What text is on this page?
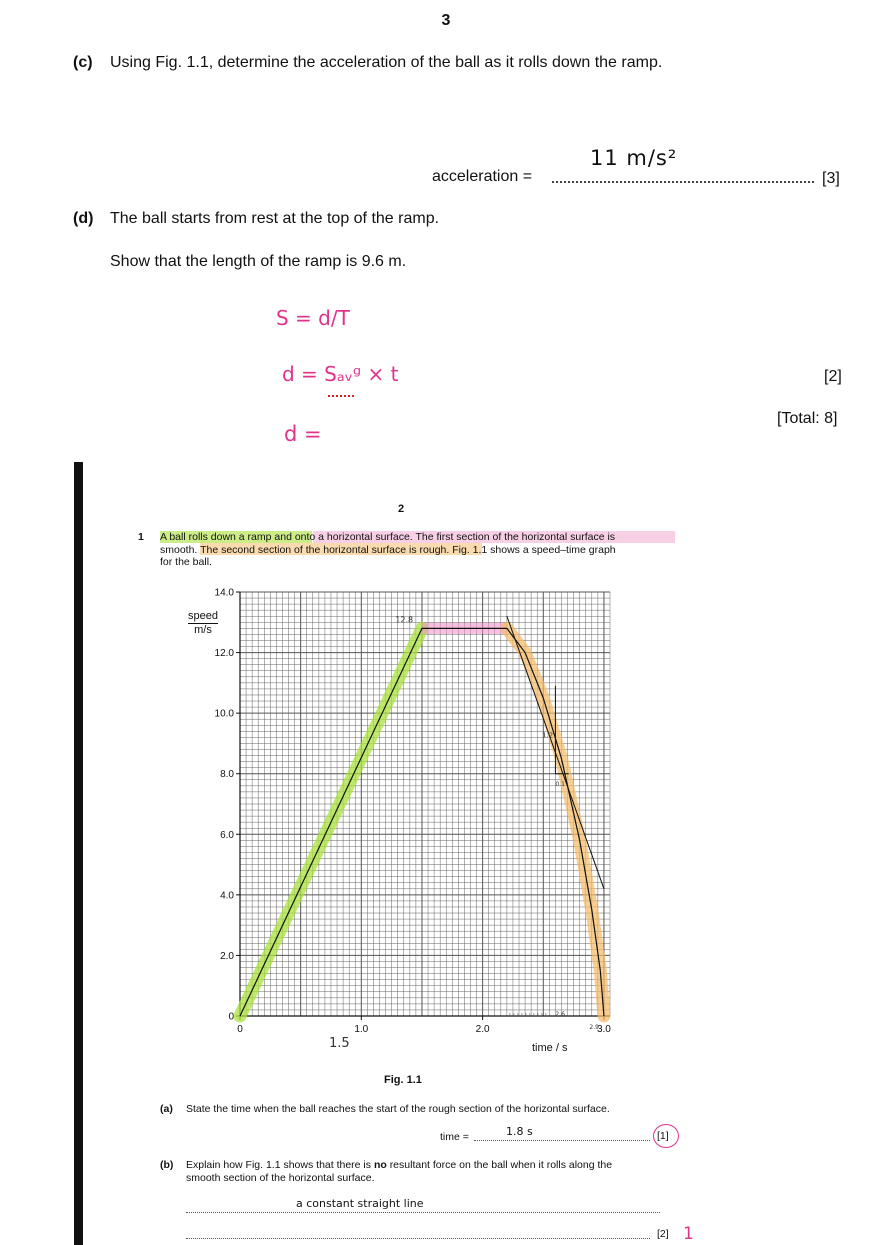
3
(c) Using Fig. 1.1, determine the acceleration of the ball as it rolls down the ramp.
acceleration =
11 m/s²
[3]
(d) The ball starts from rest at the top of the ramp.
Show that the length of the ramp is 9.6 m.
S = d/T
d = Sₐᵥᵍ × t
d =
[2]
[Total: 8]
2
1 A ball rolls down a ramp and onto a horizontal surface. The first section of the horizontal surface is
smooth. The second section of the horizontal surface is rough. Fig. 1.1 shows a speed–time graph
for the ball.
0
2.0
4.0
6.0
8.0
10.0
12.0
14.0
0	1.0	2.0	3.0
12.8
1.2
0.1
2.6
2.9
speed
m/s
time / s
1.5
Fig. 1.1
(a) State the time when the ball reaches the start of the rough section of the horizontal surface.
time =	1.8 s	[1]
(b) Explain how Fig. 1.1 shows that there is no resultant force on the ball when it rolls along the
smooth section of the horizontal surface.
a constant straight line
[2] 1
